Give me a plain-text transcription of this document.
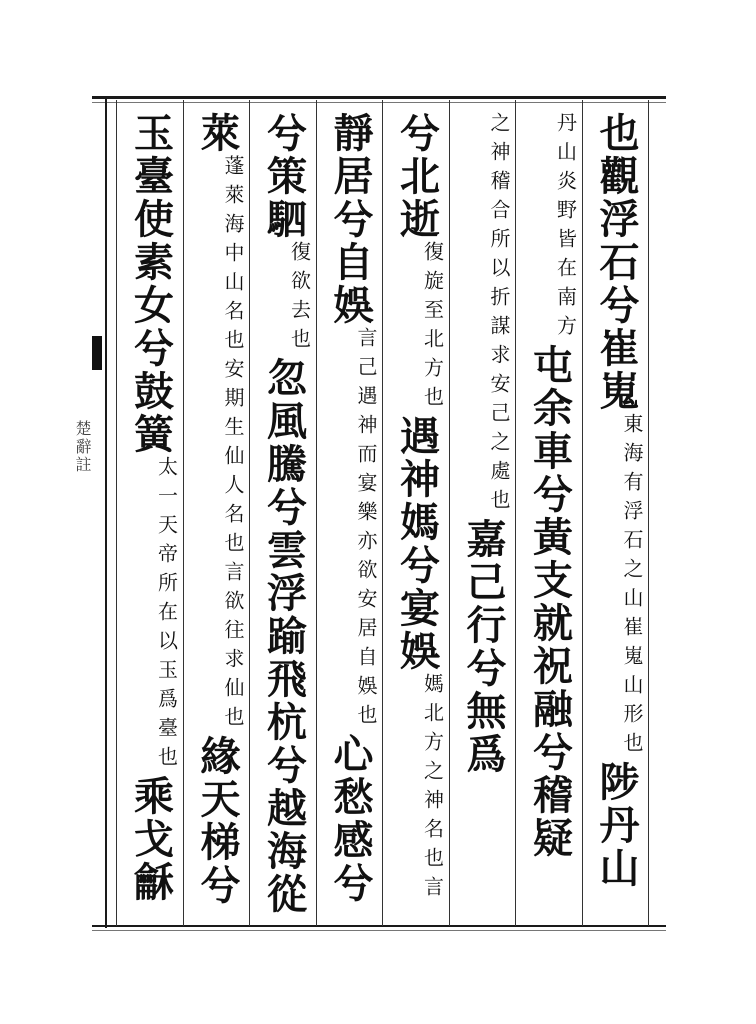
楚辭註
也觀浮石兮崔嵬東海有浮石之山崔嵬山形也陟丹山
丹山炎野皆在南方屯余車兮黃支就祝融兮稽疑
之神稽合所以折謀求安己之處也嘉己行兮無爲
兮北逝復旋至北方也遇神媽兮宴娛媽北方之神名也言
靜居兮自娛言己遇神而宴樂亦欲安居自娛也心愁感兮
兮策駟復欲去也忽風騰兮雲浮踰飛杭兮越海從
萊蓬萊海中山名也安期生仙人名也言欲往求仙也緣天梯兮
玉臺使素女兮鼓簧太一天帝所在以玉爲臺也乘戈龢
